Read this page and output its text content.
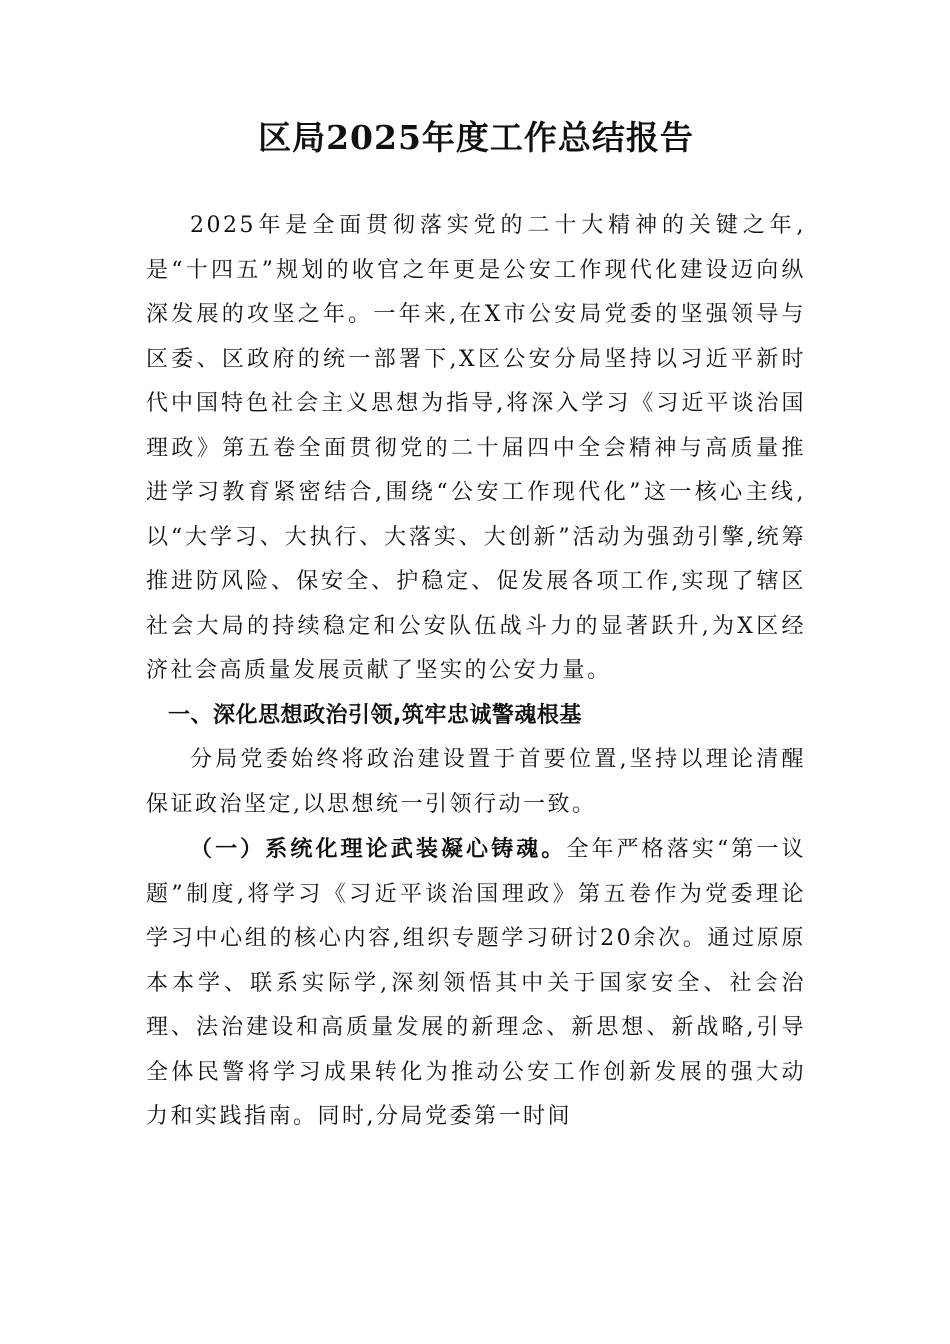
区局2025年度工作总结报告

2025年是全面贯彻落实党的二十大精神的关键之年,是“十四五”规划的收官之年更是公安工作现代化建设迈向纵深发展的攻坚之年。一年来,在X市公安局党委的坚强领导与区委、区政府的统一部署下,X区公安分局坚持以习近平新时代中国特色社会主义思想为指导,将深入学习《习近平谈治国理政》第五卷全面贯彻党的二十届四中全会精神与高质量推进学习教育紧密结合,围绕“公安工作现代化”这一核心主线,以“大学习、大执行、大落实、大创新”活动为强劲引擎,统筹推进防风险、保安全、护稳定、促发展各项工作,实现了辖区社会大局的持续稳定和公安队伍战斗力的显著跃升,为X区经济社会高质量发展贡献了坚实的公安力量。

一、深化思想政治引领,筑牢忠诚警魂根基

分局党委始终将政治建设置于首要位置,坚持以理论清醒保证政治坚定,以思想统一引领行动一致。

（一）系统化理论武装凝心铸魂。全年严格落实“第一议题”制度,将学习《习近平谈治国理政》第五卷作为党委理论学习中心组的核心内容,组织专题学习研讨20余次。通过原原本本学、联系实际学,深刻领悟其中关于国家安全、社会治理、法治建设和高质量发展的新理念、新思想、新战略,引导全体民警将学习成果转化为推动公安工作创新发展的强大动力和实践指南。同时,分局党委第一时间
